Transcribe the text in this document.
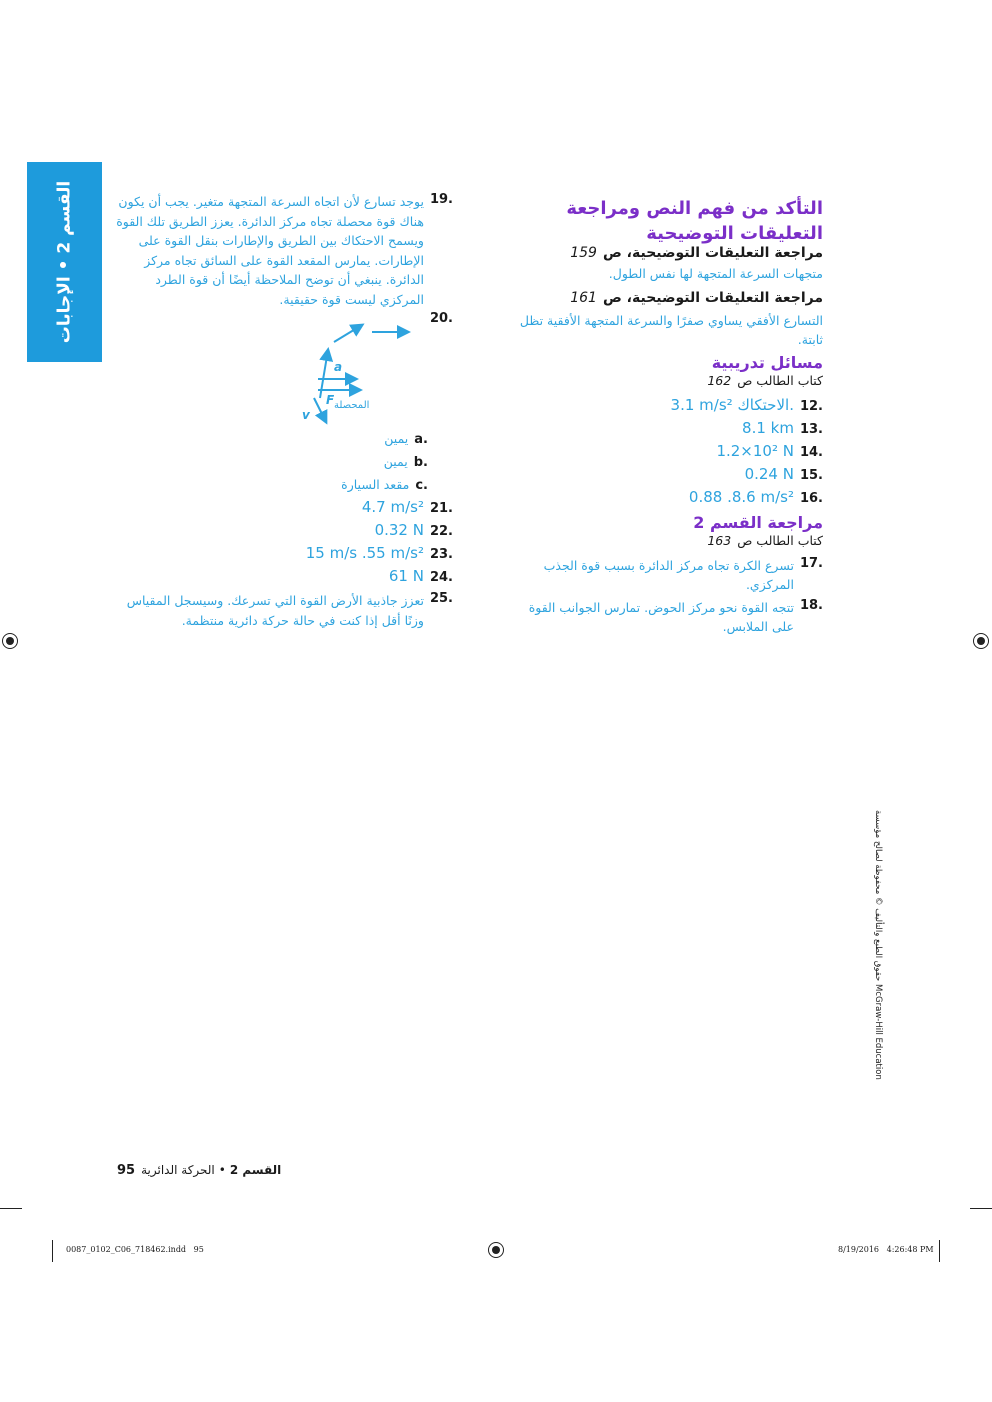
القسم 2 • الإجابات	التأكد من فهم النص ومراجعة التعليقات التوضيحية
مراجعة التعليقات التوضيحية، ص
159
متجهات السرعة المتجهة لها نفس الطول.
مراجعة التعليقات التوضيحية، ص
161
التسارع الأفقي يساوي صفرًا والسرعة المتجهة الأفقية تظل ثابتة.
مسائل تدريبية
كتاب الطالب ص
162
12.
3.1 m/s² الاحتكاك.
13.
8.1 km
14.
1.2×10² N
15.
0.24 N
16.
0.88 .8.6 m/s²
مراجعة القسم 2
كتاب الطالب ص
163
17.
تسرع الكرة تجاه مركز الدائرة بسبب قوة الجذب المركزي.
18.
تتجه القوة نحو مركز الحوض. تمارس الجوانب القوة على الملابس.
19.
يوجد تسارع لأن اتجاه السرعة المتجهة متغير. يجب أن يكون هناك قوة محصلة تجاه مركز الدائرة. يعزز الطريق تلك القوة ويسمح الاحتكاك بين الطريق والإطارات بنقل القوة على الإطارات. يمارس المقعد القوة على السائق تجاه مركز الدائرة. ينبغي أن توضح الملاحظة أيضًا أن قوة الطرد المركزي ليست قوة حقيقية.
20.
a
F المحصلة
v
a.
يمين
b.
يمين
c.
مقعد السيارة
21.
4.7 m/s²
22.
0.32 N
23.
15 m/s .55 m/s²
24.
61 N
25.
تعزز جاذبية الأرض القوة التي تسرعك. وسيسجل المقياس وزنًا أقل إذا كنت في حالة حركة دائرية منتظمة.
حقوق الطبع والتأليف © محفوظة لصالح مؤسسة McGraw-Hill Education
95	القسم 2
•
الحركة الدائرية
0087_0102_C06_718462.indd   95	8/19/2016   4:26:48 PM
